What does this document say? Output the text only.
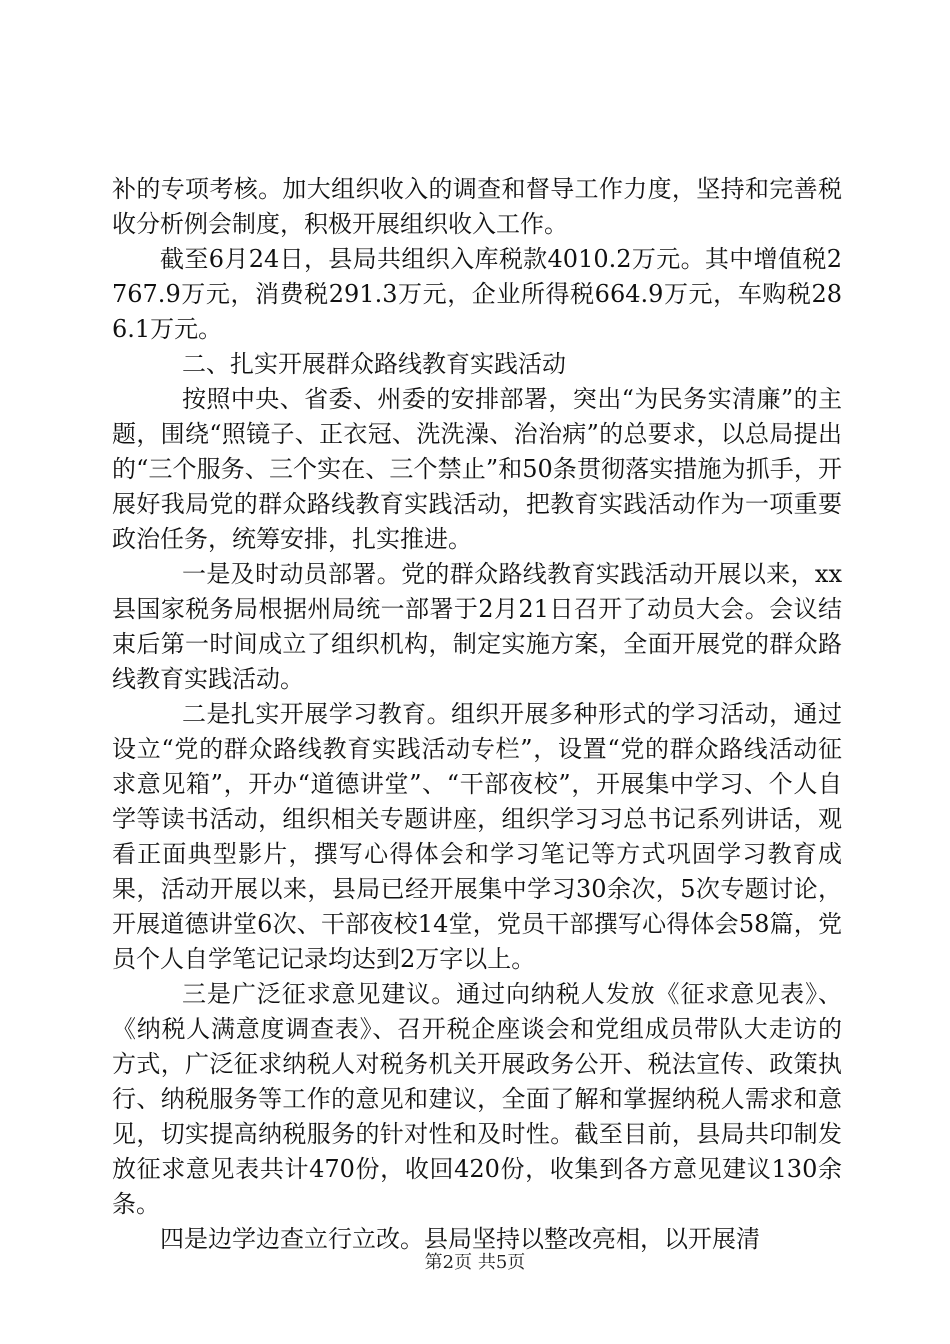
补的专项考核。加大组织收入的调查和督导工作力度，坚持和完善税收分析例会制度，积极开展组织收入工作。

截至6月24日，县局共组织入库税款4010.2万元。其中增值税2767.9万元，消费税291.3万元，企业所得税664.9万元，车购税286.1万元。

二、扎实开展群众路线教育实践活动

按照中央、省委、州委的安排部署，突出“为民务实清廉”的主题，围绕“照镜子、正衣冠、洗洗澡、治治病”的总要求，以总局提出的“三个服务、三个实在、三个禁止”和50条贯彻落实措施为抓手，开展好我局党的群众路线教育实践活动，把教育实践活动作为一项重要政治任务，统筹安排，扎实推进。

一是及时动员部署。党的群众路线教育实践活动开展以来，xx县国家税务局根据州局统一部署于2月21日召开了动员大会。会议结束后第一时间成立了组织机构，制定实施方案，全面开展党的群众路线教育实践活动。

二是扎实开展学习教育。组织开展多种形式的学习活动，通过设立“党的群众路线教育实践活动专栏”，设置“党的群众路线活动征求意见箱”，开办“道德讲堂”、“干部夜校”，开展集中学习、个人自学等读书活动，组织相关专题讲座，组织学习习总书记系列讲话，观看正面典型影片，撰写心得体会和学习笔记等方式巩固学习教育成果，活动开展以来，县局已经开展集中学习30余次，5次专题讨论，开展道德讲堂6次、干部夜校14堂，党员干部撰写心得体会58篇，党员个人自学笔记记录均达到2万字以上。

三是广泛征求意见建议。通过向纳税人发放《征求意见表》、《纳税人满意度调查表》、召开税企座谈会和党组成员带队大走访的方式，广泛征求纳税人对税务机关开展政务公开、税法宣传、政策执行、纳税服务等工作的意见和建议，全面了解和掌握纳税人需求和意见，切实提高纳税服务的针对性和及时性。截至目前，县局共印制发放征求意见表共计470份，收回420份，收集到各方意见建议130余条。

四是边学边查立行立改。县局坚持以整改亮相，以开展清

第2页 共5页
